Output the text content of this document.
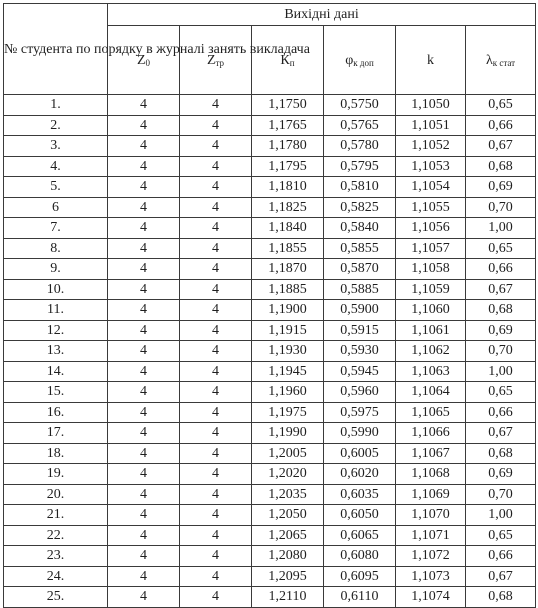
№ студента по порядку в журналі занять викладача	Вихідні дані					
	$Z_0$	$Z_{тр}$	$К_п$	$\varphi_{к доп}$	k	$\lambda_{к стат}$
1.	4	4	1,1750	0,5750	1,1050	0,65
2.	4	4	1,1765	0,5765	1,1051	0,66
3.	4	4	1,1780	0,5780	1,1052	0,67
4.	4	4	1,1795	0,5795	1,1053	0,68
5.	4	4	1,1810	0,5810	1,1054	0,69
6	4	4	1,1825	0,5825	1,1055	0,70
7.	4	4	1,1840	0,5840	1,1056	1,00
8.	4	4	1,1855	0,5855	1,1057	0,65
9.	4	4	1,1870	0,5870	1,1058	0,66
10.	4	4	1,1885	0,5885	1,1059	0,67
11.	4	4	1,1900	0,5900	1,1060	0,68
12.	4	4	1,1915	0,5915	1,1061	0,69
13.	4	4	1,1930	0,5930	1,1062	0,70
14.	4	4	1,1945	0,5945	1,1063	1,00
15.	4	4	1,1960	0,5960	1,1064	0,65
16.	4	4	1,1975	0,5975	1,1065	0,66
17.	4	4	1,1990	0,5990	1,1066	0,67
18.	4	4	1,2005	0,6005	1,1067	0,68
19.	4	4	1,2020	0,6020	1,1068	0,69
20.	4	4	1,2035	0,6035	1,1069	0,70
21.	4	4	1,2050	0,6050	1,1070	1,00
22.	4	4	1,2065	0,6065	1,1071	0,65
23.	4	4	1,2080	0,6080	1,1072	0,66
24.	4	4	1,2095	0,6095	1,1073	0,67
25.	4	4	1,2110	0,6110	1,1074	0,68
